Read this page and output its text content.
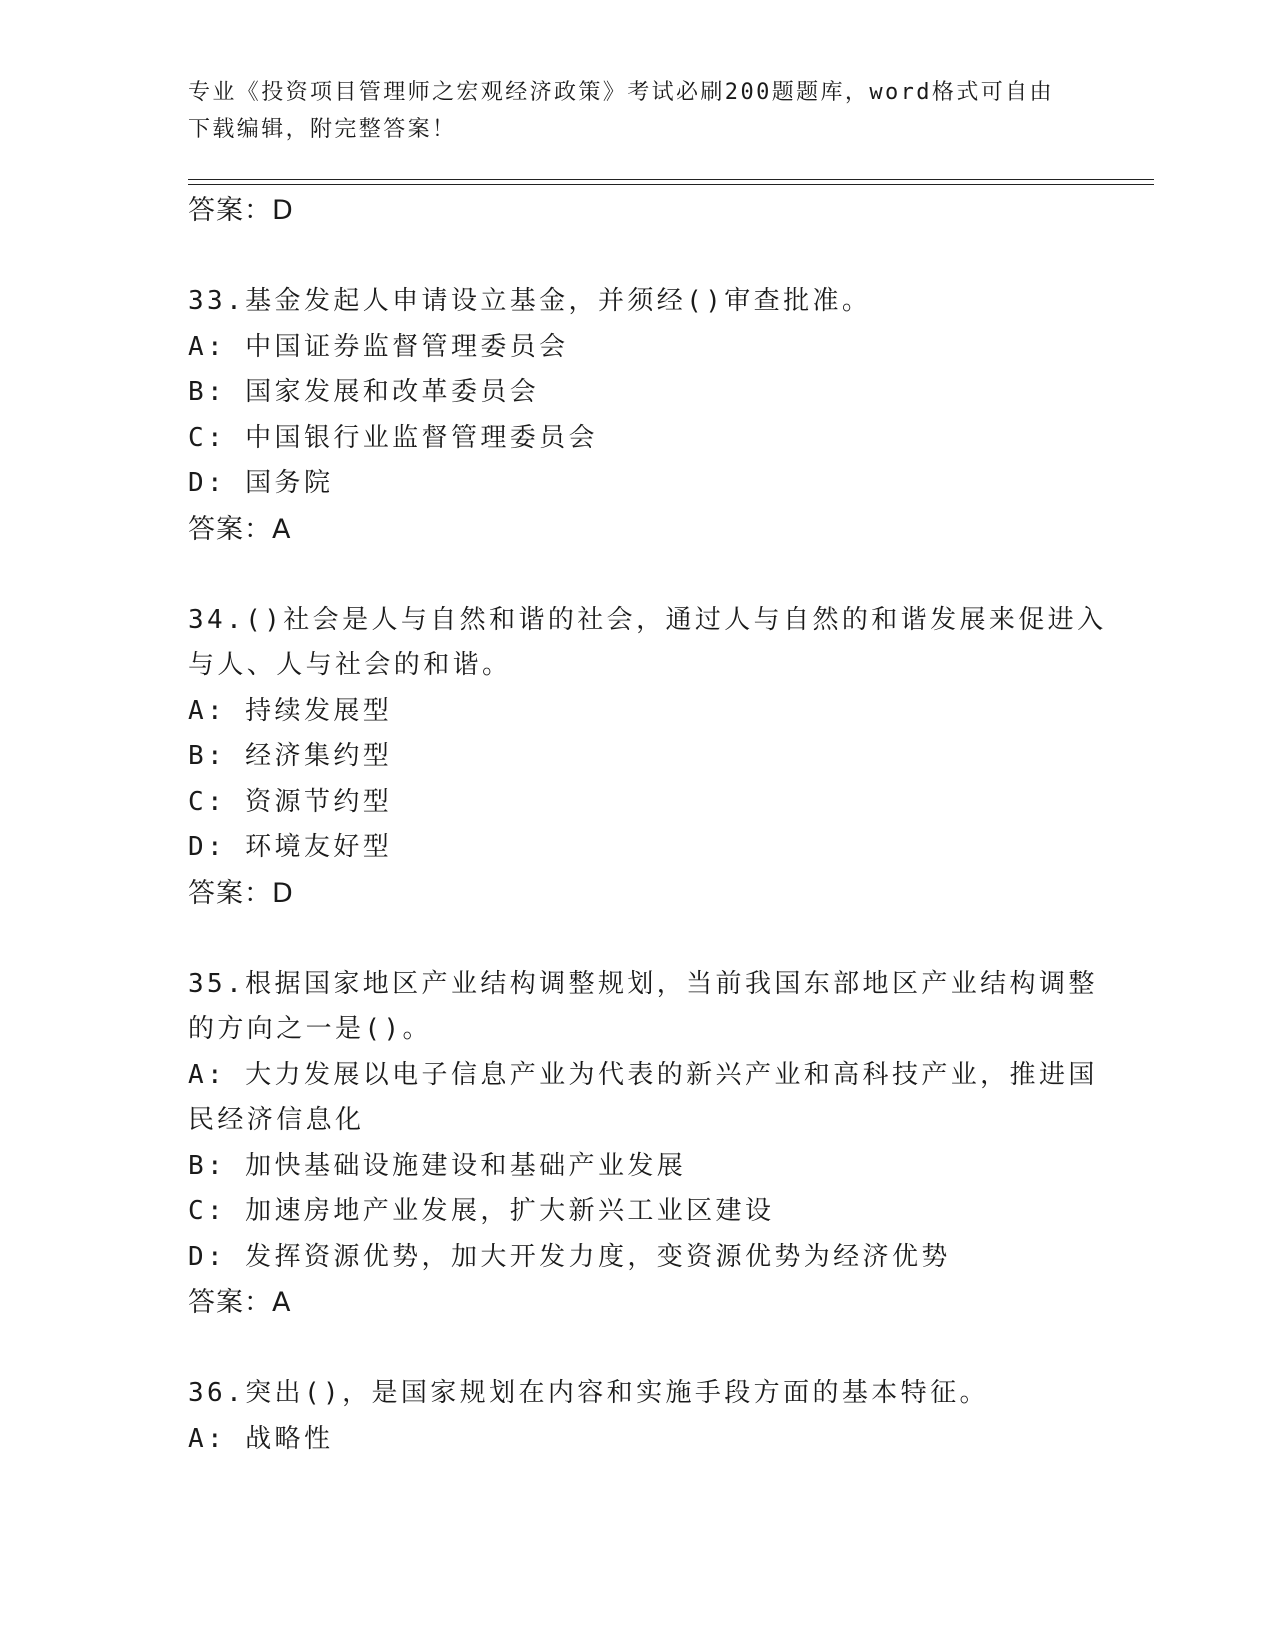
专业《投资项目管理师之宏观经济政策》考试必刷200题题库，word格式可自由
下载编辑，附完整答案！
答案：D
33.基金发起人申请设立基金，并须经()审查批准。
A: 中国证券监督管理委员会
B: 国家发展和改革委员会
C: 中国银行业监督管理委员会
D: 国务院
答案：A
34.()社会是人与自然和谐的社会，通过人与自然的和谐发展来促进入
与人、人与社会的和谐。
A: 持续发展型
B: 经济集约型
C: 资源节约型
D: 环境友好型
答案：D
35.根据国家地区产业结构调整规划，当前我国东部地区产业结构调整
的方向之一是()。
A: 大力发展以电子信息产业为代表的新兴产业和高科技产业，推进国
民经济信息化
B: 加快基础设施建设和基础产业发展
C: 加速房地产业发展，扩大新兴工业区建设
D: 发挥资源优势，加大开发力度，变资源优势为经济优势
答案：A
36.突出()，是国家规划在内容和实施手段方面的基本特征。
A: 战略性
